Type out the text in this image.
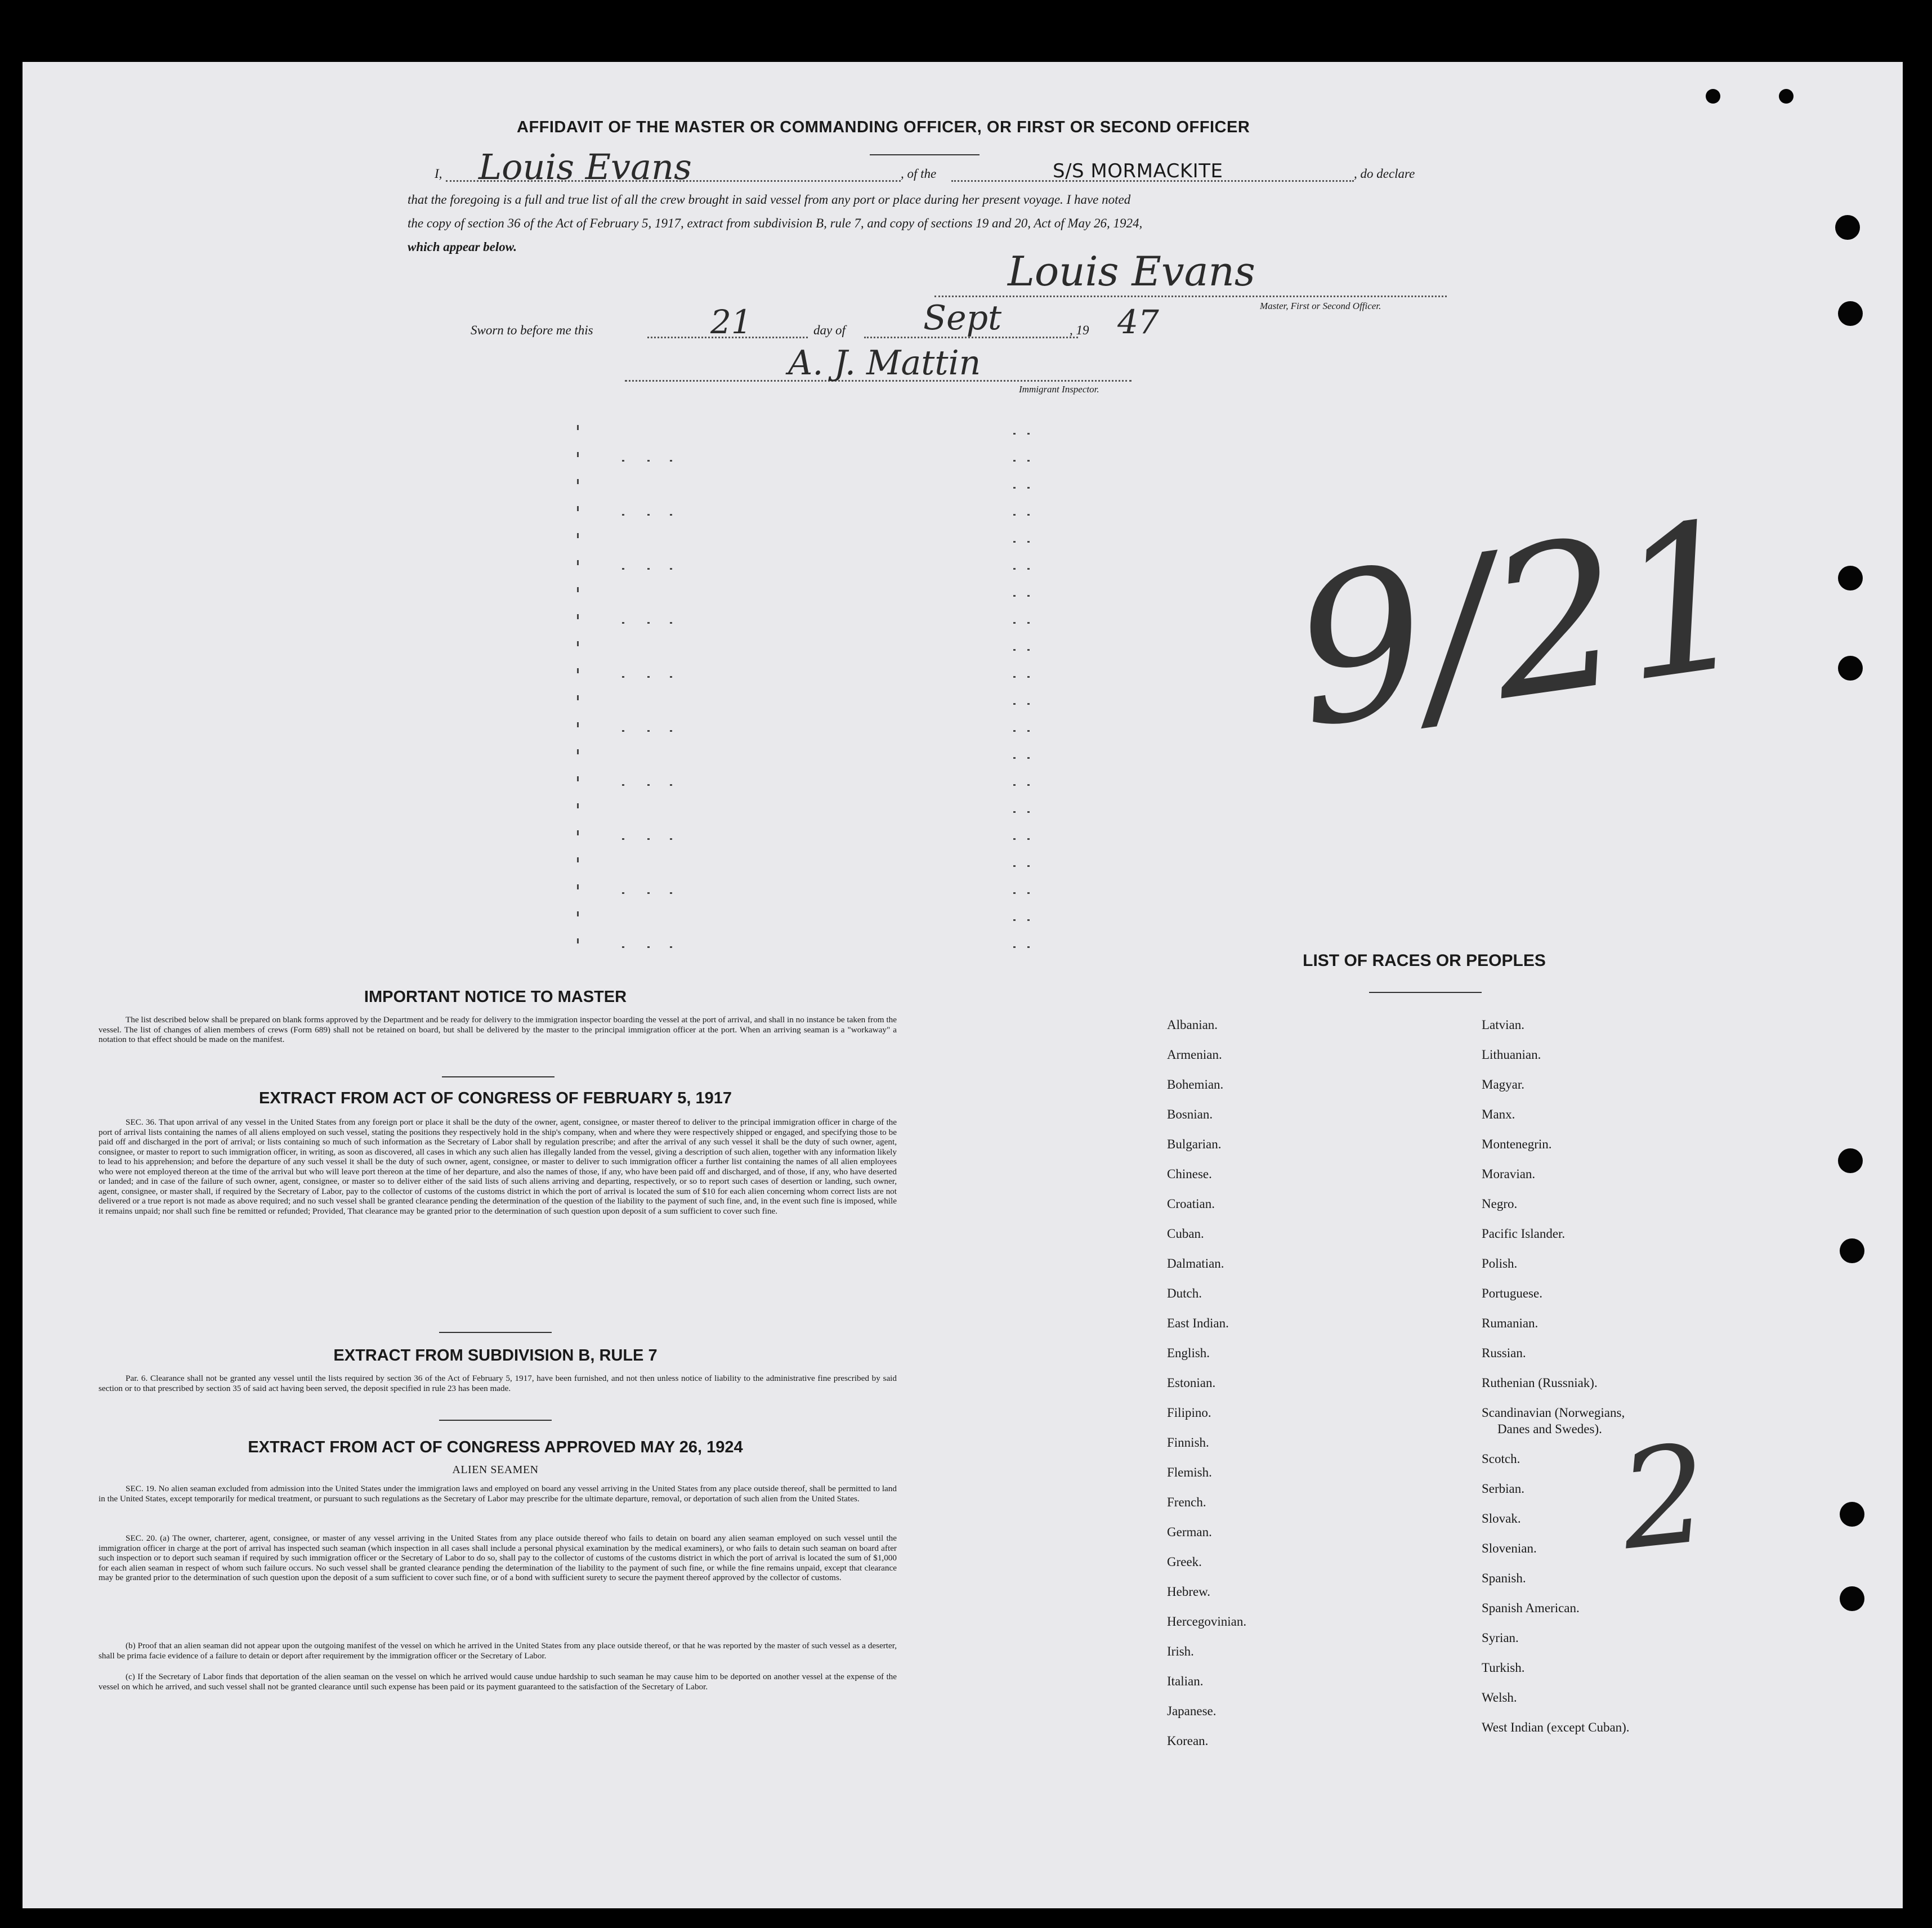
AFFIDAVIT OF THE MASTER OR COMMANDING OFFICER, OR FIRST OR SECOND OFFICER
I, Louis Evans	, of the	S/S MORMACKITE	, do declare
that the foregoing is a full and true list of all the crew brought in said vessel from any port or place during her present voyage. I have noted
the copy of section 36 of the Act of February 5, 1917, extract from subdivision B, rule 7, and copy of sections 19 and 20, Act of May 26, 1924,
which appear below.
Louis Evans
Master, First or Second Officer.
Sworn to before me this	21	day of Sept	, 19 47
A. J. Mattin
Immigrant Inspector.
9/21
IMPORTANT NOTICE TO MASTER
The list described below shall be prepared on blank forms approved by the Department and be ready for delivery to the immigration inspector boarding the vessel at the port of arrival, and shall in no instance be taken from the vessel. The list of changes of alien members of crews (Form 689) shall not be retained on board, but shall be delivered by the master to the principal immigration officer at the port. When an arriving seaman is a "workaway" a notation to that effect should be made on the manifest.
EXTRACT FROM ACT OF CONGRESS OF FEBRUARY 5, 1917
SEC. 36. That upon arrival of any vessel in the United States from any foreign port or place it shall be the duty of the owner, agent, consignee, or master thereof to deliver to the principal immigration officer in charge of the port of arrival lists containing the names of all aliens employed on such vessel, stating the positions they respectively hold in the ship's company, when and where they were respectively shipped or engaged, and specifying those to be paid off and discharged in the port of arrival; or lists containing so much of such information as the Secretary of Labor shall by regulation prescribe; and after the arrival of any such vessel it shall be the duty of such owner, agent, consignee, or master to report to such immigration officer, in writing, as soon as discovered, all cases in which any such alien has illegally landed from the vessel, giving a description of such alien, together with any information likely to lead to his apprehension; and before the departure of any such vessel it shall be the duty of such owner, agent, consignee, or master to deliver to such immigration officer a further list containing the names of all alien employees who were not employed thereon at the time of the arrival but who will leave port thereon at the time of her departure, and also the names of those, if any, who have been paid off and discharged, and of those, if any, who have deserted or landed; and in case of the failure of such owner, agent, consignee, or master so to deliver either of the said lists of such aliens arriving and departing, respectively, or so to report such cases of desertion or landing, such owner, agent, consignee, or master shall, if required by the Secretary of Labor, pay to the collector of customs of the customs district in which the port of arrival is located the sum of $10 for each alien concerning whom correct lists are not delivered or a true report is not made as above required; and no such vessel shall be granted clearance pending the determination of the question of the liability to the payment of such fine, and, in the event such fine is imposed, while it remains unpaid; nor shall such fine be remitted or refunded; Provided, That clearance may be granted prior to the determination of such question upon deposit of a sum sufficient to cover such fine.
EXTRACT FROM SUBDIVISION B, RULE 7
Par. 6. Clearance shall not be granted any vessel until the lists required by section 36 of the Act of February 5, 1917, have been furnished, and not then unless notice of liability to the administrative fine prescribed by said section or to that prescribed by section 35 of said act having been served, the deposit specified in rule 23 has been made.
EXTRACT FROM ACT OF CONGRESS APPROVED MAY 26, 1924
ALIEN SEAMEN
SEC. 19. No alien seaman excluded from admission into the United States under the immigration laws and employed on board any vessel arriving in the United States from any place outside thereof, shall be permitted to land in the United States, except temporarily for medical treatment, or pursuant to such regulations as the Secretary of Labor may prescribe for the ultimate departure, removal, or deportation of such alien from the United States.
SEC. 20. (a) The owner, charterer, agent, consignee, or master of any vessel arriving in the United States from any place outside thereof who fails to detain on board any alien seaman employed on such vessel until the immigration officer in charge at the port of arrival has inspected such seaman (which inspection in all cases shall include a personal physical examination by the medical examiners), or who fails to detain such seaman on board after such inspection or to deport such seaman if required by such immigration officer or the Secretary of Labor to do so, shall pay to the collector of customs of the customs district in which the port of arrival is located the sum of $1,000 for each alien seaman in respect of whom such failure occurs. No such vessel shall be granted clearance pending the determination of the liability to the payment of such fine, or while the fine remains unpaid, except that clearance may be granted prior to the determination of such question upon the deposit of a sum sufficient to cover such fine, or of a bond with sufficient surety to secure the payment thereof approved by the collector of customs.
(b) Proof that an alien seaman did not appear upon the outgoing manifest of the vessel on which he arrived in the United States from any place outside thereof, or that he was reported by the master of such vessel as a deserter, shall be prima facie evidence of a failure to detain or deport after requirement by the immigration officer or the Secretary of Labor.
(c) If the Secretary of Labor finds that deportation of the alien seaman on the vessel on which he arrived would cause undue hardship to such seaman he may cause him to be deported on another vessel at the expense of the vessel on which he arrived, and such vessel shall not be granted clearance until such expense has been paid or its payment guaranteed to the satisfaction of the Secretary of Labor.
LIST OF RACES OR PEOPLES
Albanian.
Armenian.
Bohemian.
Bosnian.
Bulgarian.
Chinese.
Croatian.
Cuban.
Dalmatian.
Dutch.
East Indian.
English.
Estonian.
Filipino.
Finnish.
Flemish.
French.
German.
Greek.
Hebrew.
Hercegovinian.
Irish.
Italian.
Japanese.
Korean.
Latvian.
Lithuanian.
Magyar.
Manx.
Montenegrin.
Moravian.
Negro.
Pacific Islander.
Polish.
Portuguese.
Rumanian.
Russian.
Ruthenian (Russniak).
Scandinavian (Norwegians,
Danes and Swedes).
Scotch.
Serbian.
Slovak.
Slovenian.
Spanish.
Spanish American.
Syrian.
Turkish.
Welsh.
West Indian (except Cuban).
2
